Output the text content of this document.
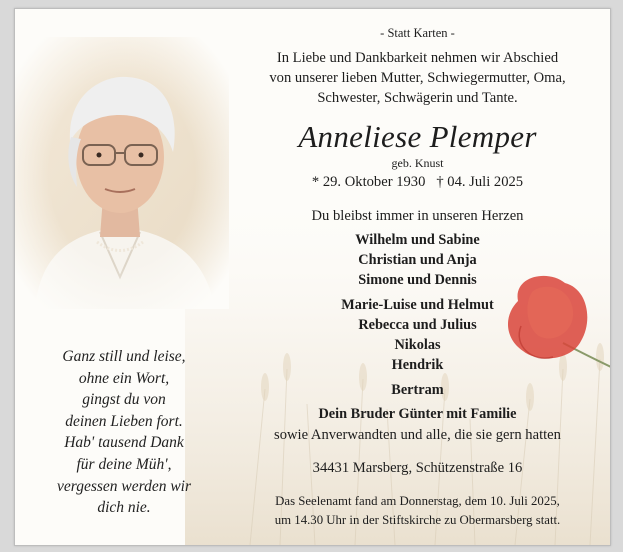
Ganz still und leise,
ohne ein Wort,
gingst du von
deinen Lieben fort.
Hab' tausend Dank
für deine Müh',
vergessen werden wir
dich nie.
- Statt Karten -
In Liebe und Dankbarkeit nehmen wir Abschied
von unserer lieben Mutter, Schwiegermutter, Oma,
Schwester, Schwägerin und Tante.
Anneliese Plemper
geb. Knust
* 29. Oktober 1930   † 04. Juli 2025
Du bleibst immer in unseren Herzen
Wilhelm und Sabine
Christian und Anja
Simone und Dennis
Marie-Luise und Helmut
Rebecca und Julius
Nikolas
Hendrik
Bertram
Dein Bruder Günter mit Familie
sowie Anverwandten und alle, die sie gern hatten
34431 Marsberg, Schützenstraße 16
Das Seelenamt fand am Donnerstag, dem 10. Juli 2025,
um 14.30 Uhr in der Stiftskirche zu Obermarsberg statt.
